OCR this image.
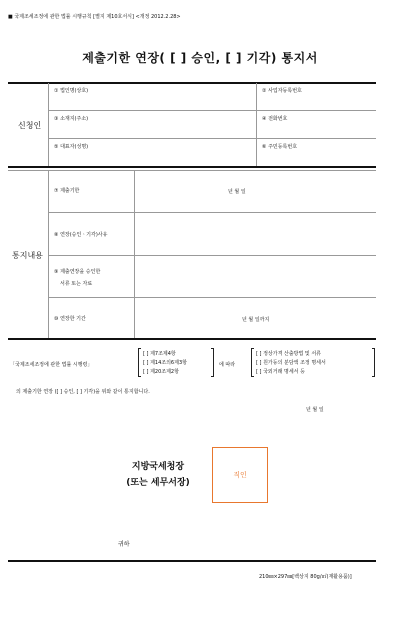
■ 국제조세조정에 관한 법률 시행규칙 [별지 제10호서식] <개정 2012.2.28>
제출기한 연장( [ ] 승인, [ ] 기각) 통지서
신청인
① 법인명(상호)	② 사업자등록번호
③ 소재지(주소)	④ 전화번호
⑤ 대표자(성명)	⑥ 주민등록번호
통지내용
⑦ 제출기한	년 월 일
⑧ 연장(승인ㆍ기각)사유
⑨ 제출연장을 승인한
서류 또는 자료
⑩ 연장한 기간	년 월 일까지
「국제조세조정에 관한 법률 시행령」
[ ] 제7조제4항
[ ] 제14조의6제3항
[ ] 제20조제2항
에 따라
[ ] 정상가격 산출방법 및 서류
[ ] 원가등의 분담액 조정 명세서
[ ] 국외거래 명세서 등
의 제출기한 연장 ([ ] 승인, [ ] 기각)을 위와 같이 통지합니다.
년 월 일
지방국세청장
(또는 세무서장)
직인
귀하
210㎜×297㎜[백상지 80g/㎡(재활용품)]
